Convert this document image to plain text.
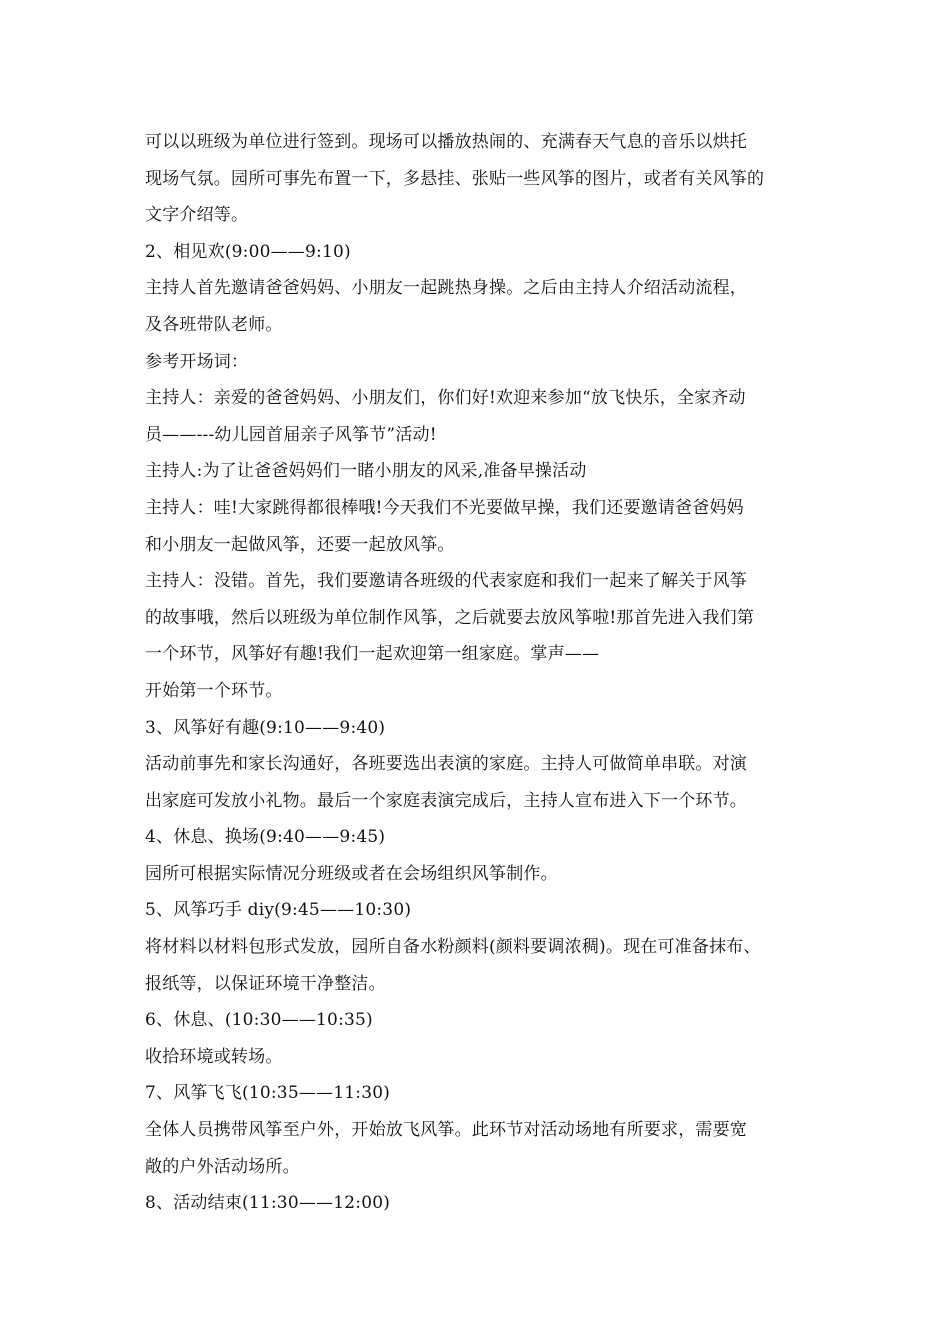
可以以班级为单位进行签到。现场可以播放热闹的、充满春天气息的音乐以烘托
现场气氛。园所可事先布置一下，多悬挂、张贴一些风筝的图片，或者有关风筝的
文字介绍等。
2、相见欢(9:00——9:10)
主持人首先邀请爸爸妈妈、小朋友一起跳热身操。之后由主持人介绍活动流程，
及各班带队老师。
参考开场词：
主持人：亲爱的爸爸妈妈、小朋友们，你们好!欢迎来参加“放飞快乐，全家齐动
员——---幼儿园首届亲子风筝节”活动!
主持人:为了让爸爸妈妈们一睹小朋友的风采,准备早操活动
主持人：哇!大家跳得都很棒哦!今天我们不光要做早操，我们还要邀请爸爸妈妈
和小朋友一起做风筝，还要一起放风筝。
主持人：没错。首先，我们要邀请各班级的代表家庭和我们一起来了解关于风筝
的故事哦，然后以班级为单位制作风筝，之后就要去放风筝啦!那首先进入我们第
一个环节，风筝好有趣!我们一起欢迎第一组家庭。掌声——
开始第一个环节。
3、风筝好有趣(9:10——9:40)
活动前事先和家长沟通好，各班要选出表演的家庭。主持人可做简单串联。对演
出家庭可发放小礼物。最后一个家庭表演完成后，主持人宣布进入下一个环节。
4、休息、换场(9:40——9:45)
园所可根据实际情况分班级或者在会场组织风筝制作。
5、风筝巧手 diy(9:45——10:30)
将材料以材料包形式发放，园所自备水粉颜料(颜料要调浓稠)。现在可准备抹布、
报纸等，以保证环境干净整洁。
6、休息、(10:30——10:35)
收拾环境或转场。
7、风筝飞飞(10:35——11:30)
全体人员携带风筝至户外，开始放飞风筝。此环节对活动场地有所要求，需要宽
敞的户外活动场所。
8、活动结束(11:30——12:00)
